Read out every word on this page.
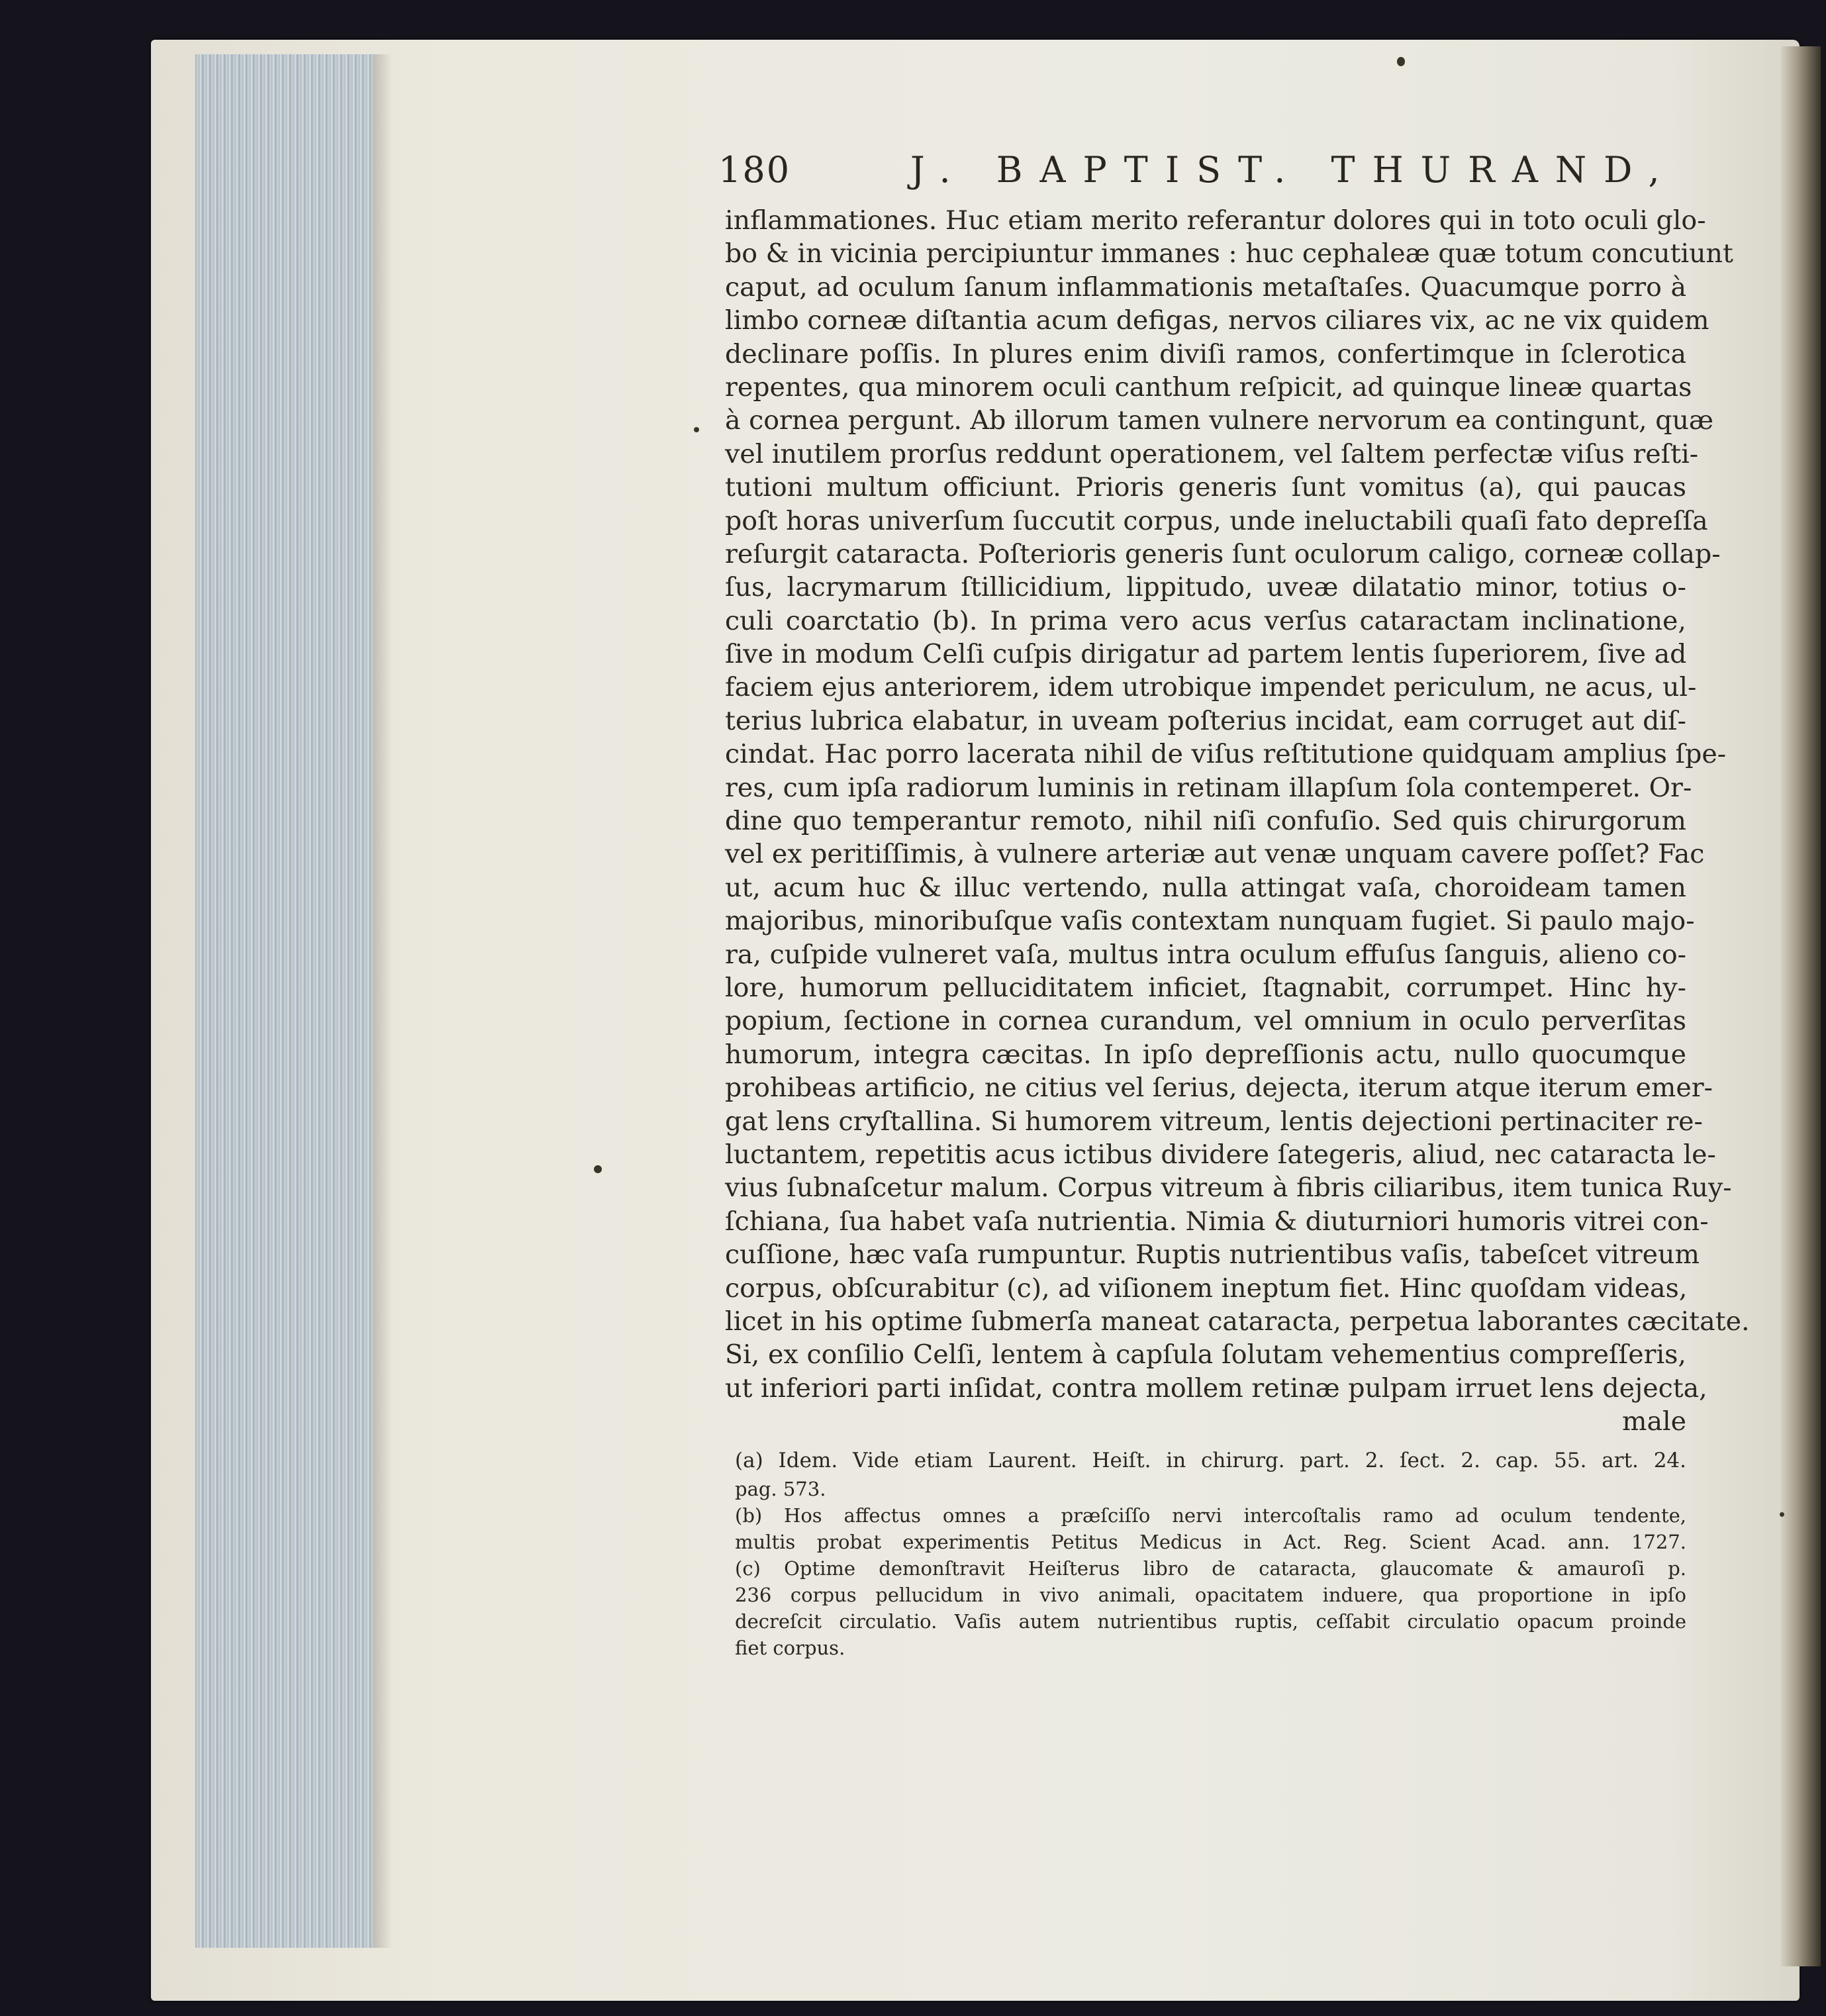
180	J. BAPTIST. THURAND,
inflammationes. Huc etiam merito referantur dolores qui in toto oculi glo-
bo & in vicinia percipiuntur immanes : huc cephaleæ quæ totum concutiunt
caput, ad oculum ſanum inflammationis metaſtaſes. Quacumque porro à
limbo corneæ diſtantia acum defigas, nervos ciliares vix, ac ne vix quidem
declinare poſſis. In plures enim diviſi ramos, confertimque in ſclerotica
repentes, qua minorem oculi canthum reſpicit, ad quinque lineæ quartas
à cornea pergunt. Ab illorum tamen vulnere nervorum ea contingunt, quæ
vel inutilem prorſus reddunt operationem, vel ſaltem perfectæ viſus reſti-
tutioni multum officiunt. Prioris generis ſunt vomitus (a), qui paucas
poſt horas univerſum ſuccutit corpus, unde ineluctabili quaſi fato depreſſa
reſurgit cataracta. Poſterioris generis ſunt oculorum caligo, corneæ collap-
ſus, lacrymarum ſtillicidium, lippitudo, uveæ dilatatio minor, totius o-
culi coarctatio (b). In prima vero acus verſus cataractam inclinatione,
ſive in modum Celſi cuſpis dirigatur ad partem lentis ſuperiorem, ſive ad
faciem ejus anteriorem, idem utrobique impendet periculum, ne acus, ul-
terius lubrica elabatur, in uveam poſterius incidat, eam corruget aut diſ-
cindat. Hac porro lacerata nihil de viſus reſtitutione quidquam amplius ſpe-
res, cum ipſa radiorum luminis in retinam illapſum ſola contemperet. Or-
dine quo temperantur remoto, nihil niſi confuſio. Sed quis chirurgorum
vel ex peritiſſimis, à vulnere arteriæ aut venæ unquam cavere poſſet? Fac
ut, acum huc & illuc vertendo, nulla attingat vaſa, choroideam tamen
majoribus, minoribuſque vaſis contextam nunquam fugiet. Si paulo majo-
ra, cuſpide vulneret vaſa, multus intra oculum effuſus ſanguis, alieno co-
lore, humorum pelluciditatem inficiet, ſtagnabit, corrumpet. Hinc hy-
popium, ſectione in cornea curandum, vel omnium in oculo perverſitas
humorum, integra cæcitas. In ipſo depreſſionis actu, nullo quocumque
prohibeas artificio, ne citius vel ſerius, dejecta, iterum atque iterum emer-
gat lens cryſtallina. Si humorem vitreum, lentis dejectioni pertinaciter re-
luctantem, repetitis acus ictibus dividere ſategeris, aliud, nec cataracta le-
vius ſubnaſcetur malum. Corpus vitreum à fibris ciliaribus, item tunica Ruy-
ſchiana, ſua habet vaſa nutrientia. Nimia & diuturniori humoris vitrei con-
cuſſione, hæc vaſa rumpuntur. Ruptis nutrientibus vaſis, tabeſcet vitreum
corpus, obſcurabitur (c), ad viſionem ineptum fiet. Hinc quoſdam videas,
licet in his optime ſubmerſa maneat cataracta, perpetua laborantes cæcitate.
Si, ex conſilio Celſi, lentem à capſula ſolutam vehementius compreſſeris,
ut inferiori parti inſidat, contra mollem retinæ pulpam irruet lens dejecta,
male
(a) Idem. Vide etiam Laurent. Heiſt. in chirurg. part. 2. ſect. 2. cap. 55. art. 24.
pag. 573.
(b) Hos affectus omnes a præſciſſo nervi intercoſtalis ramo ad oculum tendente,
multis probat experimentis Petitus Medicus in Act. Reg. Scient Acad. ann. 1727.
(c) Optime demonſtravit Heiſterus libro de cataracta, glaucomate & amauroſi p.
236 corpus pellucidum in vivo animali, opacitatem induere, qua proportione in ipſo
decreſcit circulatio. Vaſis autem nutrientibus ruptis, ceſſabit circulatio opacum proinde
fiet corpus.
